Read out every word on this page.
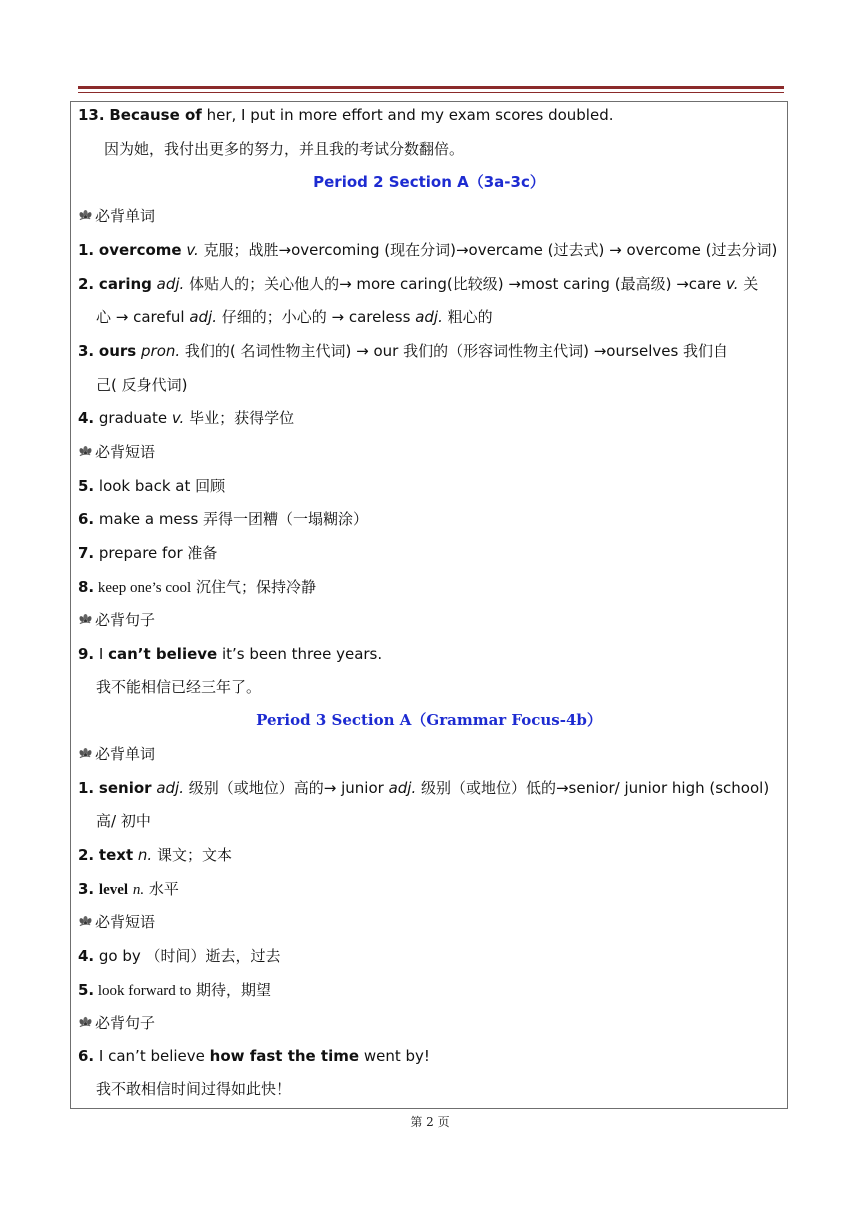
13. Because of her, I put in more effort and my exam scores doubled.
因为她，我付出更多的努力，并且我的考试分数翻倍。
Period 2 Section A（3a-3c）
必背单词
1. overcome v. 克服；战胜→overcoming (现在分词)→overcame (过去式) → overcome (过去分词)
2. caring adj. 体贴人的；关心他人的→ more caring(比较级) →most caring (最高级) →care v. 关
心 → careful adj. 仔细的；小心的 → careless adj. 粗心的
3. ours pron. 我们的( 名词性物主代词) → our 我们的（形容词性物主代词) →ourselves 我们自
己( 反身代词)
4. graduate v. 毕业；获得学位
必背短语
5. look back at 回顾
6. make a mess 弄得一团糟（一塌糊涂）
7. prepare for 准备
8. keep one’s cool 沉住气；保持冷静
必背句子
9. I can’t believe it’s been three years.
我不能相信已经三年了。
Period 3 Section A（Grammar Focus-4b）
必背单词
1. senior adj. 级别（或地位）高的→ junior adj. 级别（或地位）低的→senior/ junior high (school)
高/ 初中
2. text n. 课文；文本
3. level n. 水平
必背短语
4. go by （时间）逝去，过去
5. look forward to 期待，期望
必背句子
6. I can’t believe how fast the time went by!
我不敢相信时间过得如此快！
第 2 页
